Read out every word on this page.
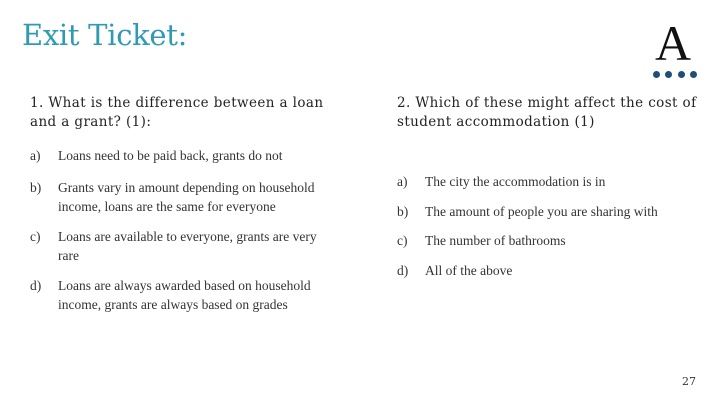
Exit Ticket:	A

1. What is the difference between a loan and a grant? (1):

a) Loans need to be paid back, grants do not
b) Grants vary in amount depending on household income, loans are the same for everyone
c) Loans are available to everyone, grants are very rare
d) Loans are always awarded based on household income, grants are always based on grades

2. Which of these might affect the cost of student accommodation (1)

a) The city the accommodation is in
b) The amount of people you are sharing with
c) The number of bathrooms
d) All of the above
27
